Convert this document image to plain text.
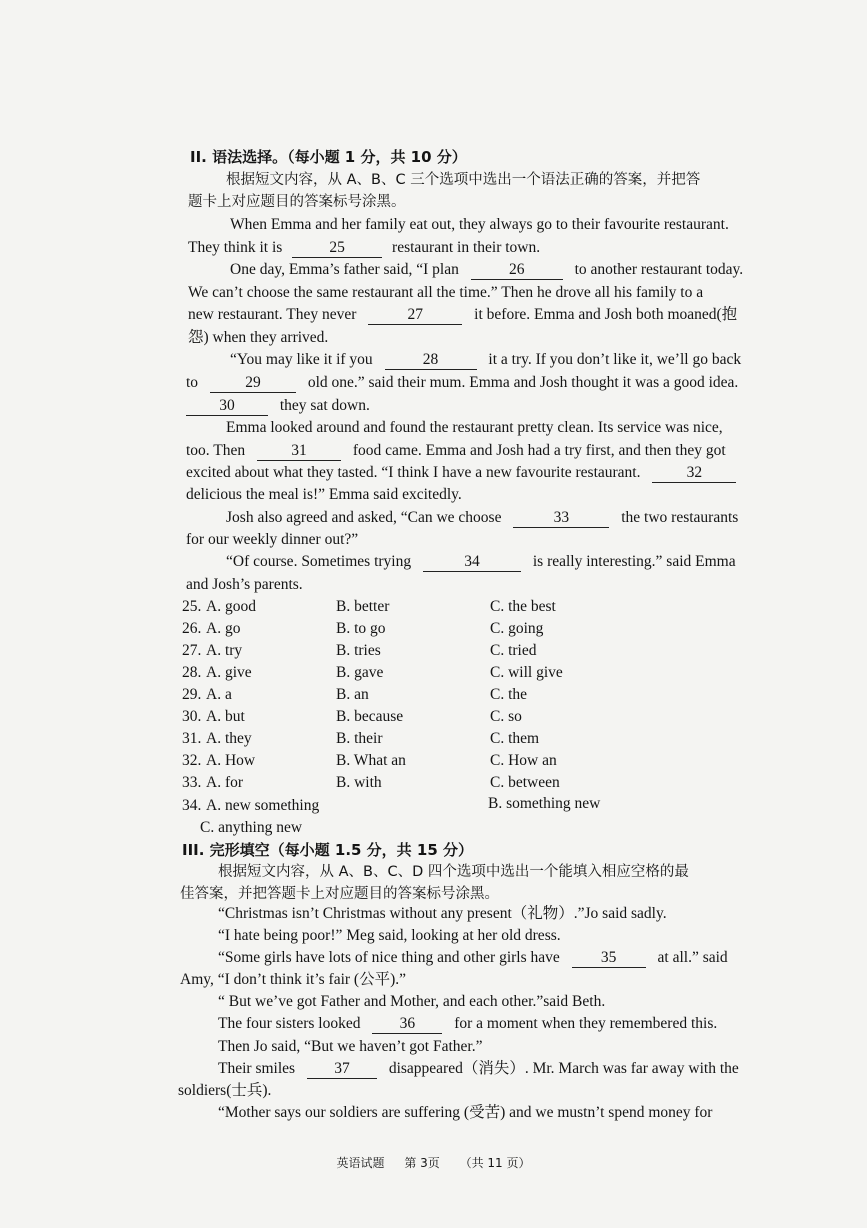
II. 语法选择。（每小题 1 分，共 10 分）
根据短文内容，从 A、B、C 三个选项中选出一个语法正确的答案，并把答
题卡上对应题目的答案标号涂黑。
When Emma and her family eat out, they always go to their favourite restaurant.
They think it is	25	restaurant in their town.
One day, Emma’s father said, “I plan	26	to another restaurant today.
We can’t choose the same restaurant all the time.” Then he drove all his family to a
new restaurant. They never	27	it before. Emma and Josh both moaned(抱
怨) when they arrived.
“You may like it if you	28	it a try. If you don’t like it, we’ll go back
to	29	old one.” said their mum. Emma and Josh thought it was a good idea.
30	they sat down.
Emma looked around and found the restaurant pretty clean. Its service was nice,
too. Then	31	food came. Emma and Josh had a try first, and then they got
excited about what they tasted. “I think I have a new favourite restaurant.	32
delicious the meal is!” Emma said excitedly.
Josh also agreed and asked, “Can we choose	33	the two restaurants
for our weekly dinner out?”
“Of course. Sometimes trying	34	is really interesting.” said Emma
and Josh’s parents.
25. A. good	B. better	C. the best
26. A. go	B. to go	C. going
27. A. try	B. tries	C. tried
28. A. give	B. gave	C. will give
29. A. a	B. an	C. the
30. A. but	B. because	C. so
31. A. they	B. their	C. them
32. A. How	B. What an	C. How an
33. A. for	B. with	C. between
34. A. new something	B. something new
C. anything new
III. 完形填空（每小题 1.5 分，共 15 分）
根据短文内容，从 A、B、C、D 四个选项中选出一个能填入相应空格的最
佳答案，并把答题卡上对应题目的答案标号涂黑。
“Christmas isn’t Christmas without any present（礼物）.”Jo said sadly.
“I hate being poor!” Meg said, looking at her old dress.
“Some girls have lots of nice thing and other girls have	35	at all.” said
Amy, “I don’t think it’s fair (公平).”
“ But we’ve got Father and Mother, and each other.”said Beth.
The four sisters looked	36	for a moment when they remembered this.
Then Jo said, “But we haven’t got Father.”
Their smiles	37	disappeared（消失）. Mr. March was far away with the
soldiers(士兵).
“Mother says our soldiers are suffering (受苦) and we mustn’t spend money for
英语试题 第 3页 （共 11 页）
